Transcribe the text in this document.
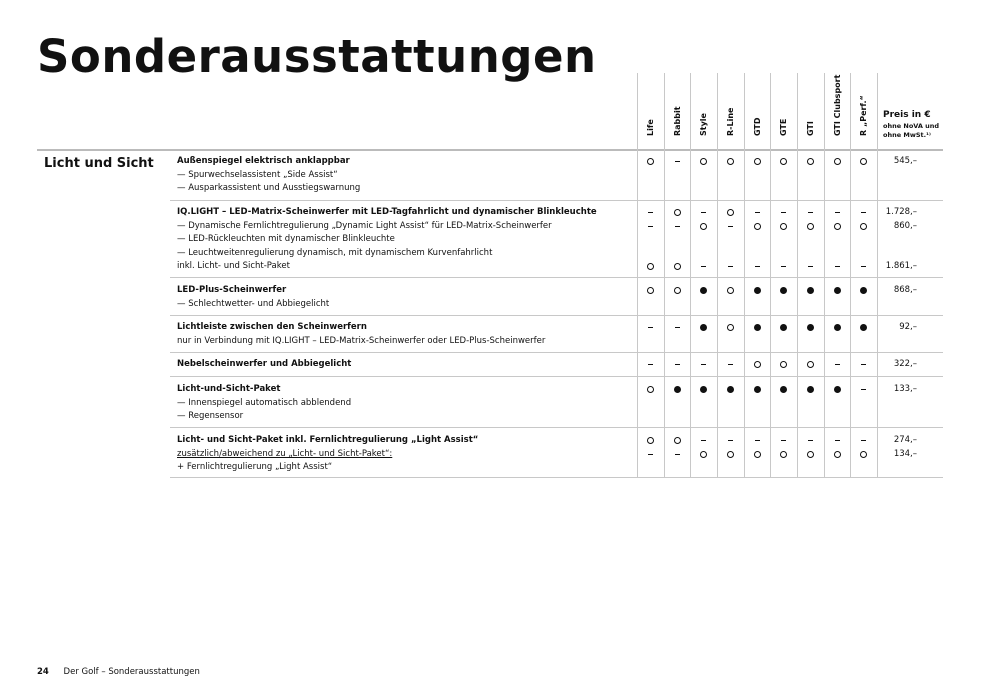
Sonderausstattungen
Licht und Sicht
Life Rabbit Style R-Line GTD GTE GTI GTI Clubsport R „Perf.“ Preis in €
ohne NoVA und
ohne MwSt.¹⁾
Außenspiegel elektrisch anklappbar
— Spurwechselassistent „Side Assist“
— Ausparkassistent und Ausstiegswarnung
545,–
IQ.LIGHT – LED-Matrix-Scheinwerfer mit LED-Tagfahrlicht und dynamischer Blinkleuchte
— Dynamische Fernlichtregulierung „Dynamic Light Assist“ für LED-Matrix-Scheinwerfer
— LED-Rückleuchten mit dynamischer Blinkleuchte
— Leuchtweitenregulierung dynamisch, mit dynamischem Kurvenfahrlicht
inkl. Licht- und Sicht-Paket
1.728,–
860,–
1.861,–
LED-Plus-Scheinwerfer
— Schlechtwetter- und Abbiegelicht
868,–
Lichtleiste zwischen den Scheinwerfern
nur in Verbindung mit IQ.LIGHT – LED-Matrix-Scheinwerfer oder LED-Plus-Scheinwerfer
92,–
Nebelscheinwerfer und Abbiegelicht	322,–
Licht-und-Sicht-Paket
— Innenspiegel automatisch abblendend
— Regensensor
133,–
Licht- und Sicht-Paket inkl. Fernlichtregulierung „Light Assist“
zusätzlich/abweichend zu „Licht- und Sicht-Paket“:
+ Fernlichtregulierung „Light Assist“
274,–
134,–
24 Der Golf – Sonderausstattungen
